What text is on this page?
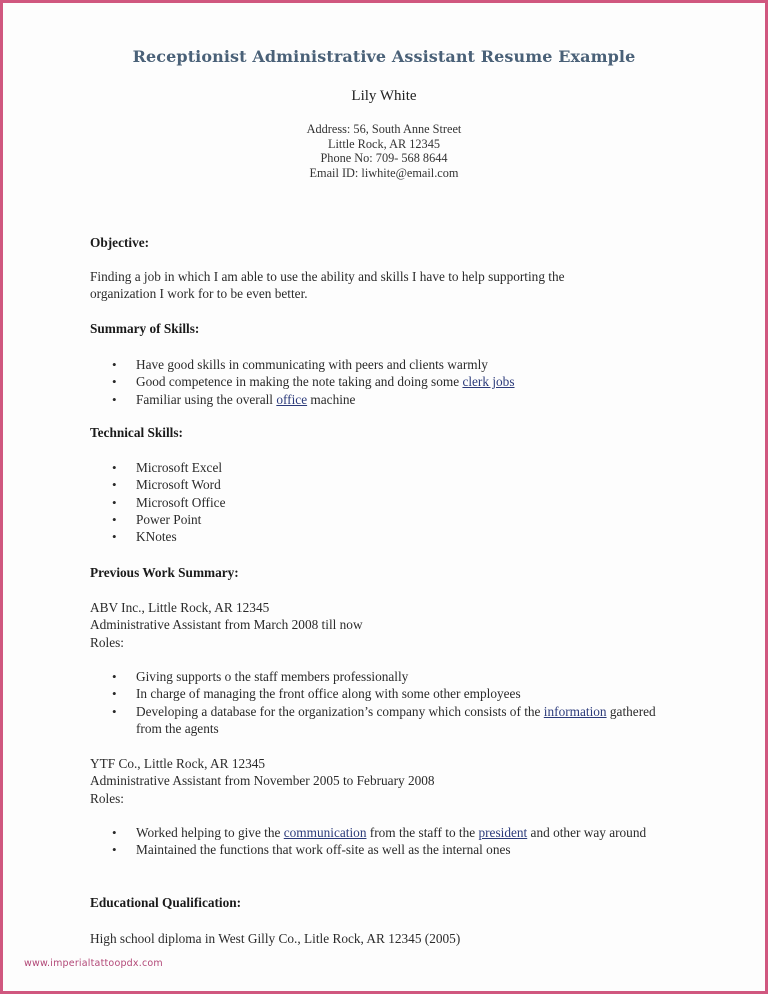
Receptionist Administrative Assistant Resume Example
Lily White
Address: 56, South Anne Street
Little Rock, AR 12345
Phone No: 709- 568 8644
Email ID: liwhite@email.com
Objective:
Finding a job in which I am able to use the ability and skills I have to help supporting the
organization I work for to be even better.
Summary of Skills:
• Have good skills in communicating with peers and clients warmly
• Good competence in making the note taking and doing some clerk jobs
• Familiar using the overall office machine
Technical Skills:
• Microsoft Excel
• Microsoft Word
• Microsoft Office
• Power Point
• KNotes
Previous Work Summary:
ABV Inc., Little Rock, AR 12345
Administrative Assistant from March 2008 till now
Roles:
• Giving supports o the staff members professionally
• In charge of managing the front office along with some other employees
• Developing a database for the organization’s company which consists of the information gathered from the agents
YTF Co., Little Rock, AR 12345
Administrative Assistant from November 2005 to February 2008
Roles:
• Worked helping to give the communication from the staff to the president and other way around
• Maintained the functions that work off-site as well as the internal ones
Educational Qualification:
High school diploma in West Gilly Co., Litle Rock, AR 12345 (2005)
www.imperialtattoopdx.com
